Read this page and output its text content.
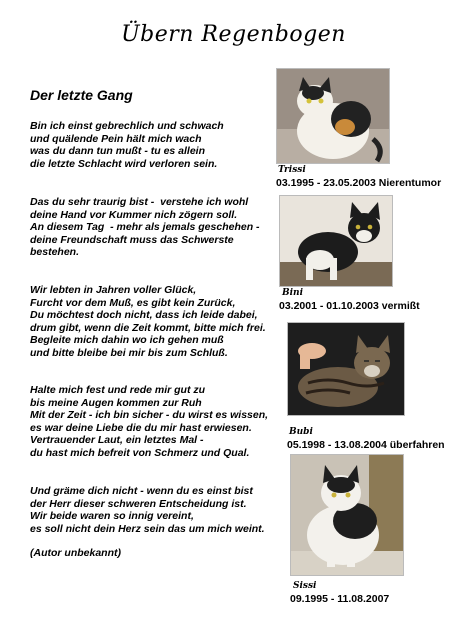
Übern Regenbogen
Der letzte Gang

Bin ich einst gebrechlich und schwach
und quälende Pein hält mich wach
was du dann tun mußt - tu es allein
die letzte Schlacht wird verloren sein.

Das du sehr traurig bist -  verstehe ich wohl
deine Hand vor Kummer nich zögern soll.
An diesem Tag  - mehr als jemals geschehen -
deine Freundschaft muss das Schwerste
bestehen.

Wir lebten in Jahren voller Glück,
Furcht vor dem Muß, es gibt kein Zurück,
Du möchtest doch nicht, dass ich leide dabei,
drum gibt, wenn die Zeit kommt, bitte mich frei.
Begleite mich dahin wo ich gehen muß
und bitte bleibe bei mir bis zum Schluß.

Halte mich fest und rede mir gut zu
bis meine Augen kommen zur Ruh
Mit der Zeit - ich bin sicher - du wirst es wissen,
es war deine Liebe die du mir hast erwiesen.
Vertrauender Laut, ein letztes Mal -
du hast mich befreit von Schmerz und Qual.

Und gräme dich nicht - wenn du es einst bist
der Herr dieser schweren Entscheidung ist.
Wir beide waren so innig vereint,
es soll nicht dein Herz sein das um mich weint.

(Autor unbekannt)

Trissi
03.1995 - 23.05.2003 Nierentumor
Bini
03.2001 - 01.10.2003 vermißt
Bubi
05.1998 - 13.08.2004 überfahren
Sissi
09.1995 - 11.08.2007
